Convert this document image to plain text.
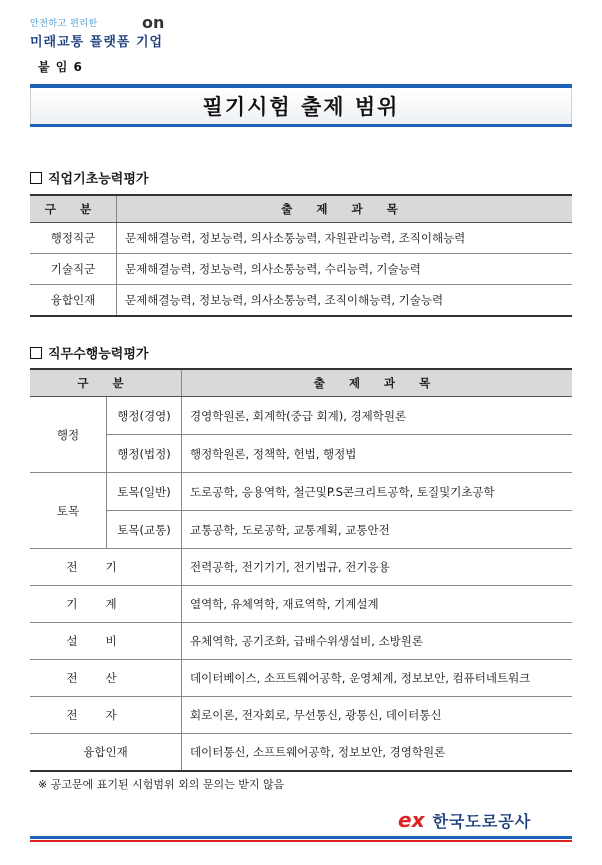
안전하고 편리한	on
미래교통 플랫폼 기업
붙 임 6
필기시험 출제 범위
직업기초능력평가
구 분	출 제 과 목
행정직군	문제해결능력, 정보능력, 의사소통능력, 자원관리능력, 조직이해능력
기술직군	문제해결능력, 정보능력, 의사소통능력, 수리능력, 기술능력
융합인재	문제해결능력, 정보능력, 의사소통능력, 조직이해능력, 기술능력
직무수행능력평가
구 분		출 제 과 목
행정	행정(경영)	경영학원론, 회계학(중급 회계), 경제학원론
	행정(법정)	행정학원론, 정책학, 헌법, 행정법
토목	토목(일반)	도로공학, 응용역학, 철근및P.S콘크리트공학, 토질및기초공학
	토목(교통)	교통공학, 도로공학, 교통계획, 교통안전
전기		전력공학, 전기기기, 전기법규, 전기응용
기계		열역학, 유체역학, 재료역학, 기계설계
설비		유체역학, 공기조화, 급배수위생설비, 소방원론
전산		데이터베이스, 소프트웨어공학, 운영체계, 정보보안, 컴퓨터네트워크
전자		회로이론, 전자회로, 무선통신, 광통신, 데이터통신
융합인재		데이터통신, 소프트웨어공학, 정보보안, 경영학원론
※ 공고문에 표기된 시험범위 외의 문의는 받지 않음
ex 한국도로공사
